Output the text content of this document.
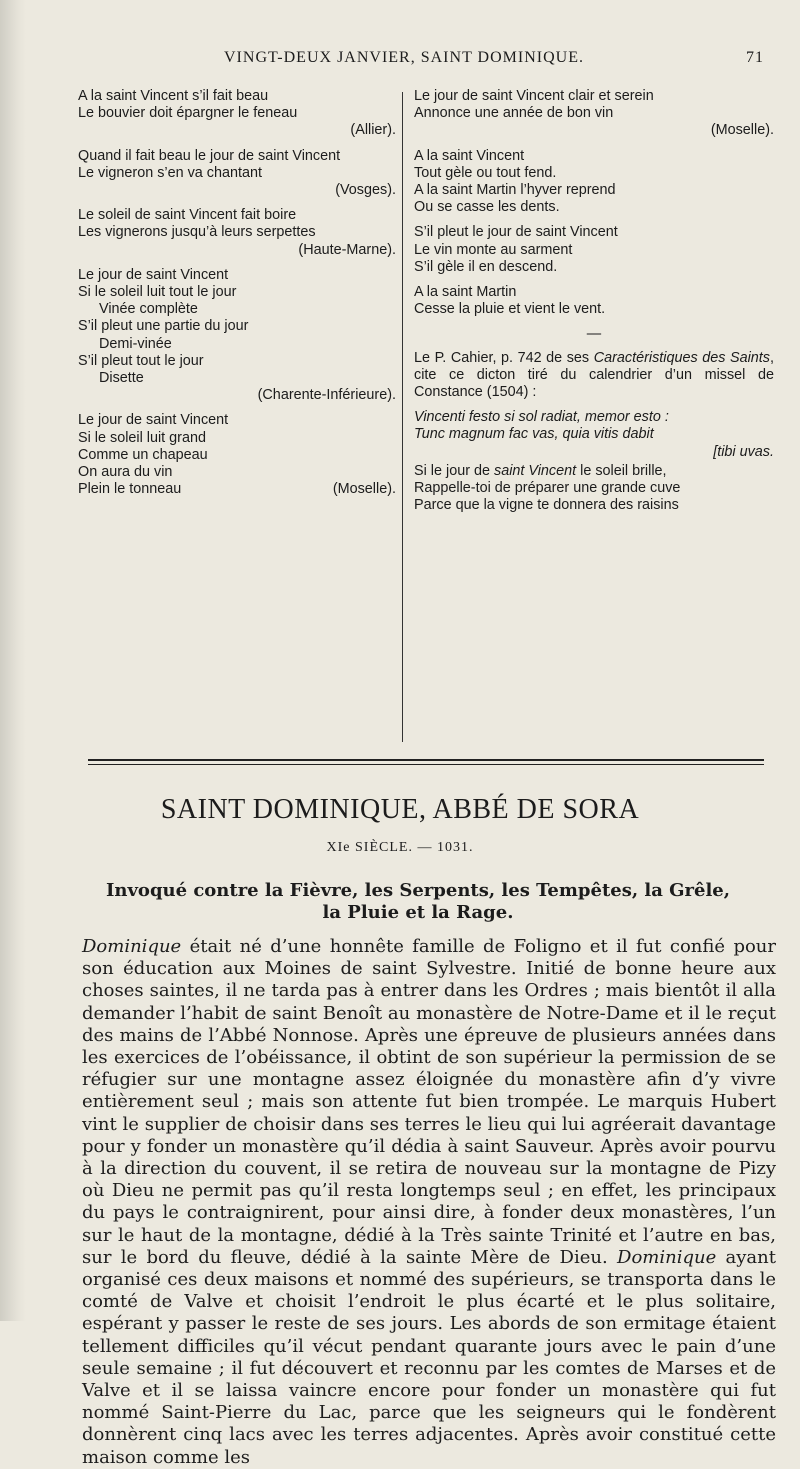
VINGT-DEUX JANVIER, SAINT DOMINIQUE.	71
A la saint Vincent s’il fait beau
Le bouvier doit épargner le feneau
(Allier).
Quand il fait beau le jour de saint Vincent
Le vigneron s’en va chantant
(Vosges).
Le soleil de saint Vincent fait boire
Les vignerons jusqu’à leurs serpettes
(Haute-Marne).
Le jour de saint Vincent
Si le soleil luit tout le jour
Vinée complète
S’il pleut une partie du jour
Demi-vinée
S’il pleut tout le jour
Disette
(Charente-Inférieure).
Le jour de saint Vincent
Si le soleil luit grand
Comme un chapeau
On aura du vin
Plein le tonneau	(Moselle).
Le jour de saint Vincent clair et serein
Annonce une année de bon vin
(Moselle).
A la saint Vincent
Tout gèle ou tout fend.
A la saint Martin l’hyver reprend
Ou se casse les dents.
S’il pleut le jour de saint Vincent
Le vin monte au sarment
S’il gèle il en descend.
A la saint Martin
Cesse la pluie et vient le vent.
—
Le P. Cahier, p. 742 de ses Caractéristiques des Saints, cite ce dicton tiré du calendrier d’un missel de Constance (1504) :
Vincenti festo si sol radiat, memor esto :
Tunc magnum fac vas, quia vitis dabit
[tibi uvas.
Si le jour de saint Vincent le soleil brille,
Rappelle-toi de préparer une grande cuve
Parce que la vigne te donnera des raisins
SAINT DOMINIQUE, ABBÉ DE SORA
XIe SIÈCLE. — 1031.
Invoqué contre la Fièvre, les Serpents, les Tempêtes, la Grêle,
la Pluie et la Rage.

Dominique était né d’une honnête famille de Foligno et il fut confié pour son éducation aux Moines de saint Sylvestre. Initié de bonne heure aux choses saintes, il ne tarda pas à entrer dans les Ordres ; mais bientôt il alla demander l’habit de saint Benoît au monastère de Notre-Dame et il le reçut des mains de l’Abbé Nonnose. Après une épreuve de plusieurs années dans les exercices de l’obéissance, il obtint de son supérieur la permission de se réfugier sur une montagne assez éloignée du monastère afin d’y vivre entièrement seul ; mais son attente fut bien trompée. Le marquis Hubert vint le supplier de choisir dans ses terres le lieu qui lui agréerait davantage pour y fonder un monastère qu’il dédia à saint Sauveur. Après avoir pourvu à la direction du couvent, il se retira de nouveau sur la montagne de Pizy où Dieu ne permit pas qu’il resta longtemps seul ; en effet, les principaux du pays le contraignirent, pour ainsi dire, à fonder deux monastères, l’un sur le haut de la montagne, dédié à la Très sainte Trinité et l’autre en bas, sur le bord du fleuve, dédié à la sainte Mère de Dieu. Dominique ayant organisé ces deux maisons et nommé des supérieurs, se transporta dans le comté de Valve et choisit l’endroit le plus écarté et le plus solitaire, espérant y passer le reste de ses jours. Les abords de son ermitage étaient tellement difficiles qu’il vécut pendant quarante jours avec le pain d’une seule semaine ; il fut découvert et reconnu par les comtes de Marses et de Valve et il se laissa vaincre encore pour fonder un monastère qui fut nommé Saint-Pierre du Lac, parce que les seigneurs qui le fondèrent donnèrent cinq lacs avec les terres adjacentes. Après avoir constitué cette maison comme les
